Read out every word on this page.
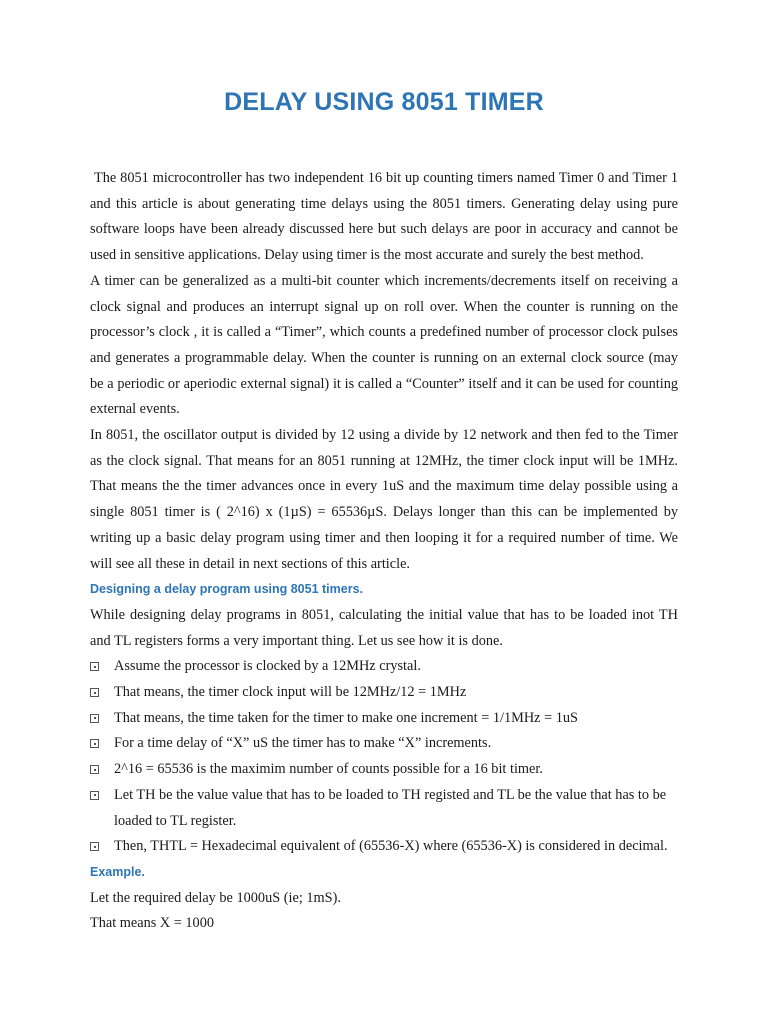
DELAY USING 8051 TIMER

The 8051 microcontroller has two independent 16 bit up counting timers named Timer 0 and Timer 1 and this article is about generating time delays using the 8051 timers. Generating delay using pure software loops have been already discussed here but such delays are poor in accuracy and cannot be used in sensitive applications. Delay using timer is the most accurate and surely the best method.

A timer can be generalized as a multi-bit counter which increments/decrements itself on receiving a clock signal and produces an interrupt signal up on roll over. When the counter is running on the processor’s clock , it is called a “Timer”, which counts a predefined number of processor clock pulses and generates a programmable delay. When the counter is running on an external clock source (may be a periodic or aperiodic external signal) it is called a “Counter” itself and it can be used for counting external events.

In 8051, the oscillator output is divided by 12 using a divide by 12 network and then fed to the Timer as the clock signal. That means for an 8051 running at 12MHz, the timer clock input will be 1MHz. That means the the timer advances once in every 1uS and the maximum time delay possible using a single 8051 timer is ( 2^16) x (1µS) = 65536µS. Delays longer than this can be implemented by writing up a basic delay program using timer and then looping it for a required number of time. We will see all these in detail in next sections of this article.

Designing a delay program using 8051 timers.

While designing delay programs in 8051, calculating the initial value that has to be loaded inot TH and TL registers forms a very important thing. Let us see how it is done.

Assume the processor is clocked by a 12MHz crystal.
That means, the timer clock input will be 12MHz/12 = 1MHz
That means, the time taken for the timer to make one increment = 1/1MHz = 1uS
For a time delay of “X” uS the timer has to make “X” increments.
2^16 = 65536 is the maximim number of counts possible for a 16 bit timer.
Let TH be the value value that has to be loaded to TH registed and TL be the value that has to be loaded to TL register.
Then, THTL = Hexadecimal equivalent of (65536-X) where (65536-X) is considered in decimal.

Example.

Let the required delay be 1000uS (ie; 1mS).

That means X = 1000
